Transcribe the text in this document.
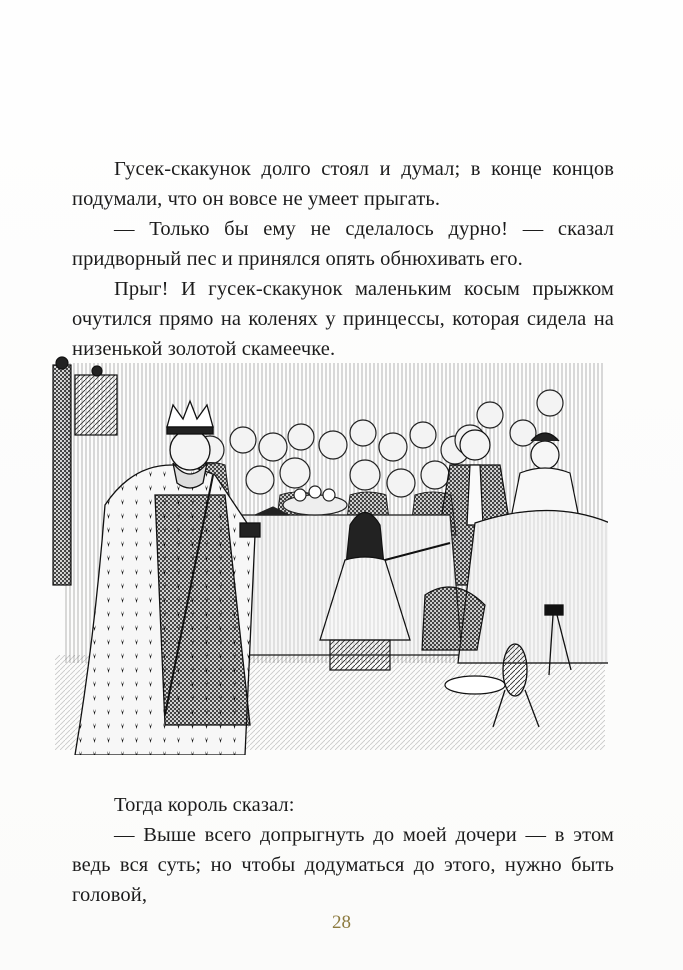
Гусек-скакунок долго стоял и думал; в конце концов подумали, что он вовсе не умеет прыгать.

— Только бы ему не сделалось дурно! — сказал придворный пес и принялся опять обнюхивать его.

Прыг! И гусек-скакунок маленьким косым прыжком очутился прямо на коленях у принцессы, которая сидела на низенькой золотой скамеечке.

Тогда король сказал:

— Выше всего допрыгнуть до моей дочери — в этом ведь вся суть; но чтобы додуматься до этого, нужно быть головой,

28
